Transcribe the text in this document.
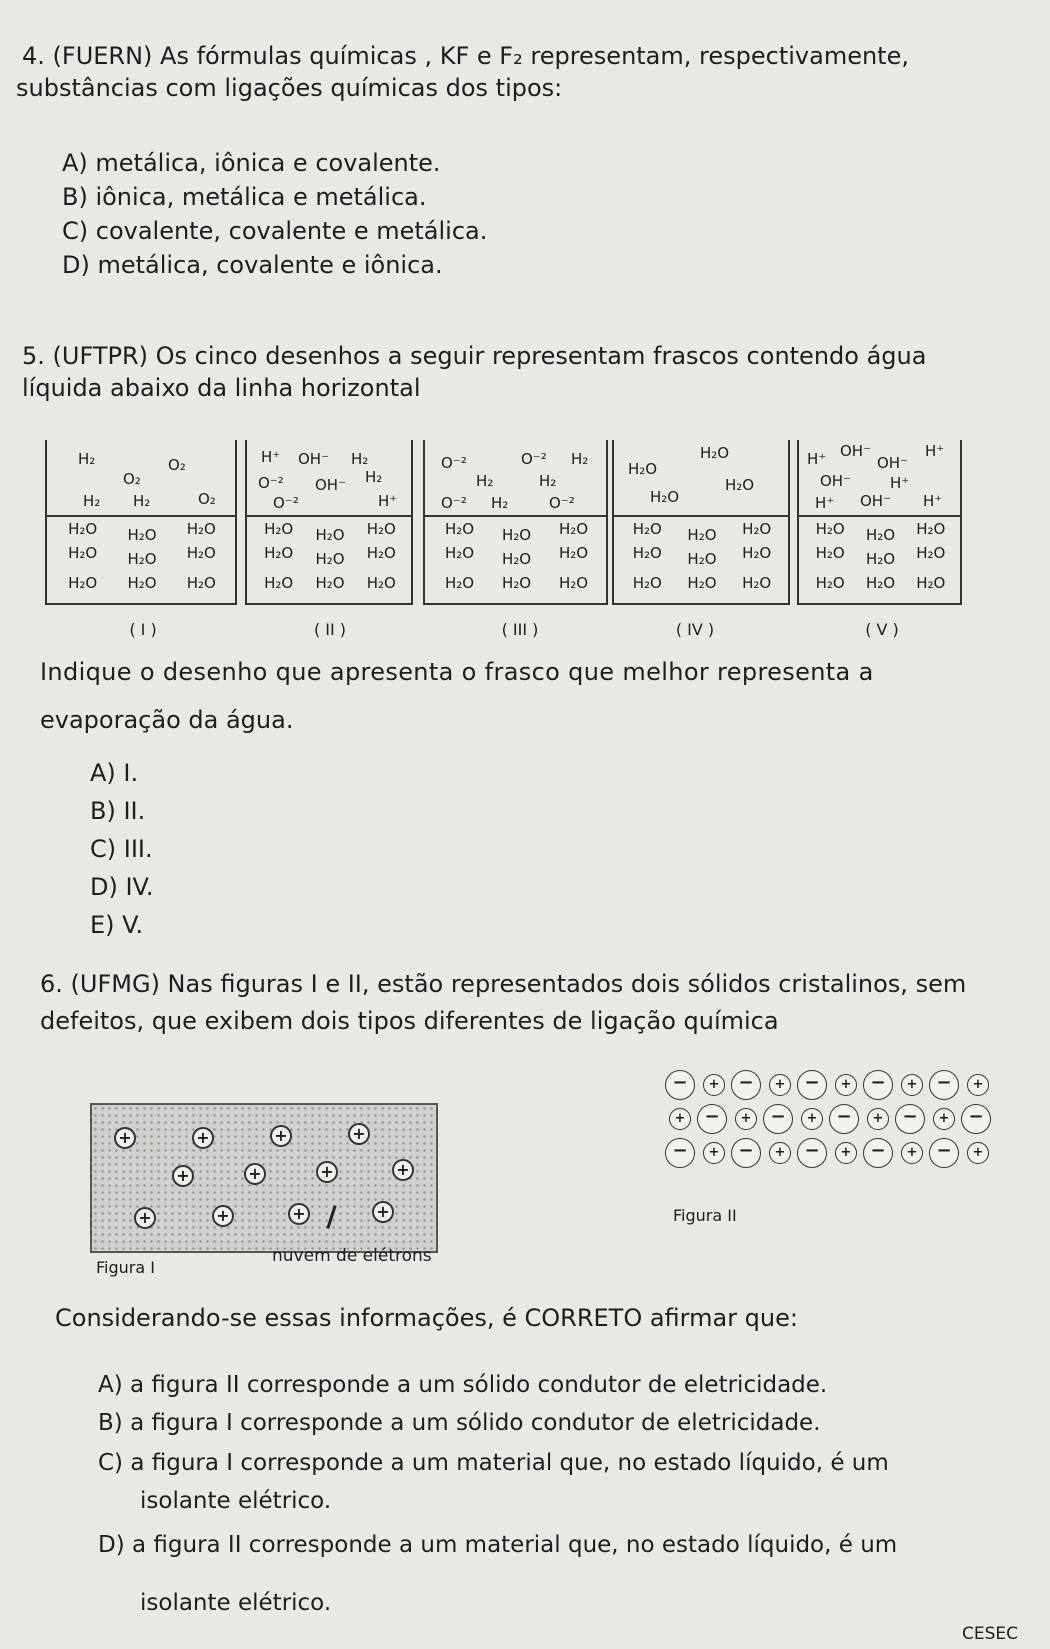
4. (FUERN) As fórmulas químicas , KF e F₂ representam, respectivamente,
substâncias com ligações químicas dos tipos:
A) metálica, iônica e covalente.
B) iônica, metálica e metálica.
C) covalente, covalente e metálica.
D) metálica, covalente e iônica.
5. (UFTPR) Os cinco desenhos a seguir representam frascos contendo água
líquida abaixo da linha horizontal
H₂	O₂
O₂
O₂
H₂ H₂
H₂O H₂O H₂O
H₂O H₂O H₂O
H₂O H₂O H₂O
H⁺ OH⁻ H₂
O⁻² OH⁻ H₂
O⁻²	H⁺
H₂O H₂O H₂O
H₂O H₂O H₂O
H₂O H₂O H₂O
O⁻²	O⁻² H₂
H₂	H₂
O⁻² H₂	O⁻²
H₂O H₂O H₂O
H₂O H₂O H₂O
H₂O H₂O H₂O
H₂O
H₂O
H₂O
H₂O
H₂O H₂O H₂O
H₂O H₂O H₂O
H₂O H₂O H₂O
H⁺ OH⁻
OH⁻
H⁺
OH⁻	H⁺
H⁺ OH⁻ H⁺
H₂O H₂O H₂O
H₂O H₂O H₂O
H₂O H₂O H₂O
( I )	( II )	( III )	( IV )	( V )
Indique o desenho que apresenta o frasco que melhor representa a
evaporação da água.
A) I.
B) II.
C) III.
D) IV.
E) V.
6. (UFMG) Nas figuras I e II, estão representados dois sólidos cristalinos, sem
defeitos, que exibem dois tipos diferentes de ligação química
+	+	+	+
+	+	+	+
+	+	+	+
Figura I
nuvem de elétrons
−	+	−	+	−	+	−	+	−	+
+	−	+	−	+	−	+	−	+	−
−	+	−	+	−	+	−	+	−	+
Figura II
Considerando-se essas informações, é CORRETO afirmar que:
A) a figura II corresponde a um sólido condutor de eletricidade.
B) a figura I corresponde a um sólido condutor de eletricidade.
C) a figura I corresponde a um material que, no estado líquido, é um
isolante elétrico.
D) a figura II corresponde a um material que, no estado líquido, é um
isolante elétrico.
CESEC
